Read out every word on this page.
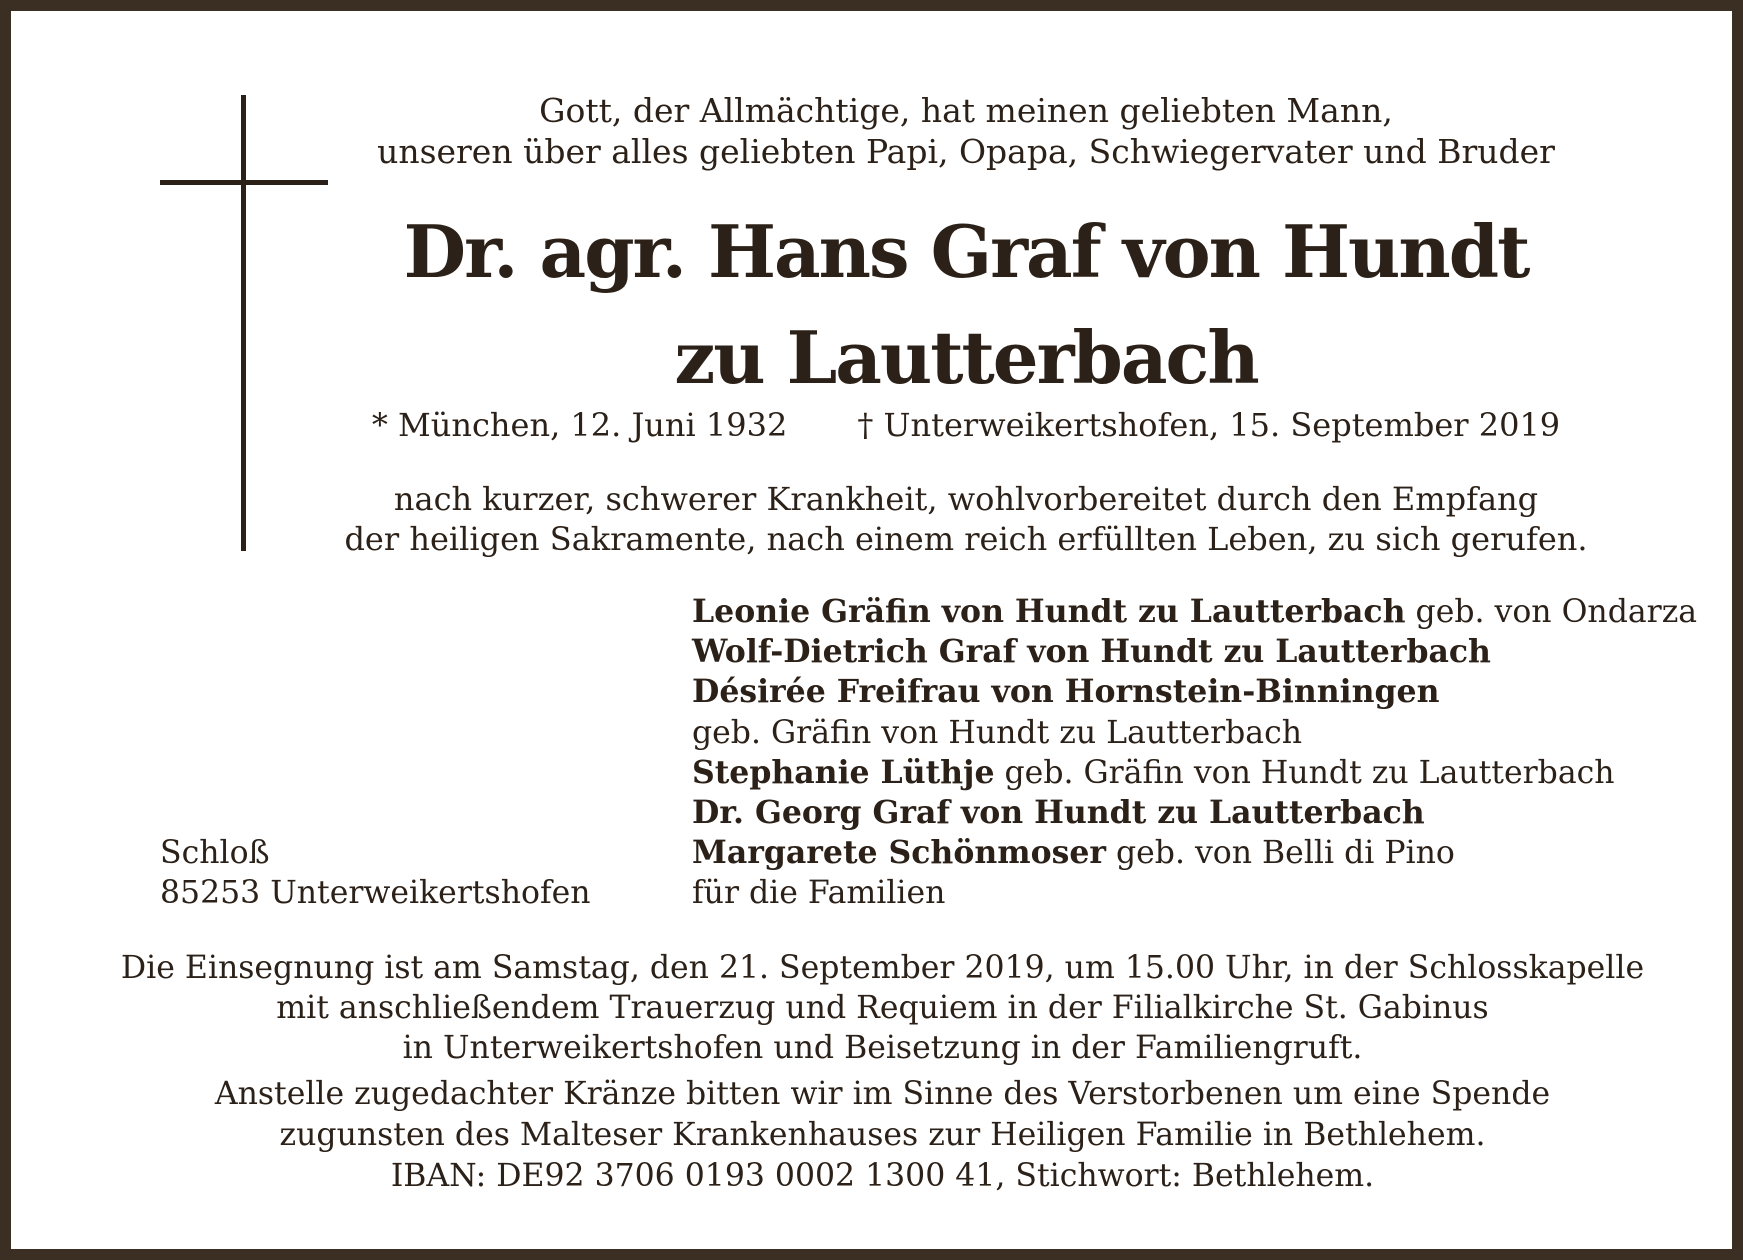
Gott, der Allmächtige, hat meinen geliebten Mann,
unseren über alles geliebten Papi, Opapa, Schwiegervater und Bruder
Dr. agr. Hans Graf von Hundt
zu Lautterbach
* München, 12. Juni 1932 † Unterweikertshofen, 15. September 2019
nach kurzer, schwerer Krankheit, wohlvorbereitet durch den Empfang
der heiligen Sakramente, nach einem reich erfüllten Leben, zu sich gerufen.
Leonie Gräfin von Hundt zu Lautterbach geb. von Ondarza
Wolf-Dietrich Graf von Hundt zu Lautterbach
Désirée Freifrau von Hornstein-Binningen
geb. Gräfin von Hundt zu Lautterbach
Stephanie Lüthje geb. Gräfin von Hundt zu Lautterbach
Dr. Georg Graf von Hundt zu Lautterbach
Margarete Schönmoser geb. von Belli di Pino
für die Familien
Schloß
85253 Unterweikertshofen
Die Einsegnung ist am Samstag, den 21. September 2019, um 15.00 Uhr, in der Schlosskapelle
mit anschließendem Trauerzug und Requiem in der Filialkirche St. Gabinus
in Unterweikertshofen und Beisetzung in der Familiengruft.
Anstelle zugedachter Kränze bitten wir im Sinne des Verstorbenen um eine Spende
zugunsten des Malteser Krankenhauses zur Heiligen Familie in Bethlehem.
IBAN: DE92 3706 0193 0002 1300 41, Stichwort: Bethlehem.
